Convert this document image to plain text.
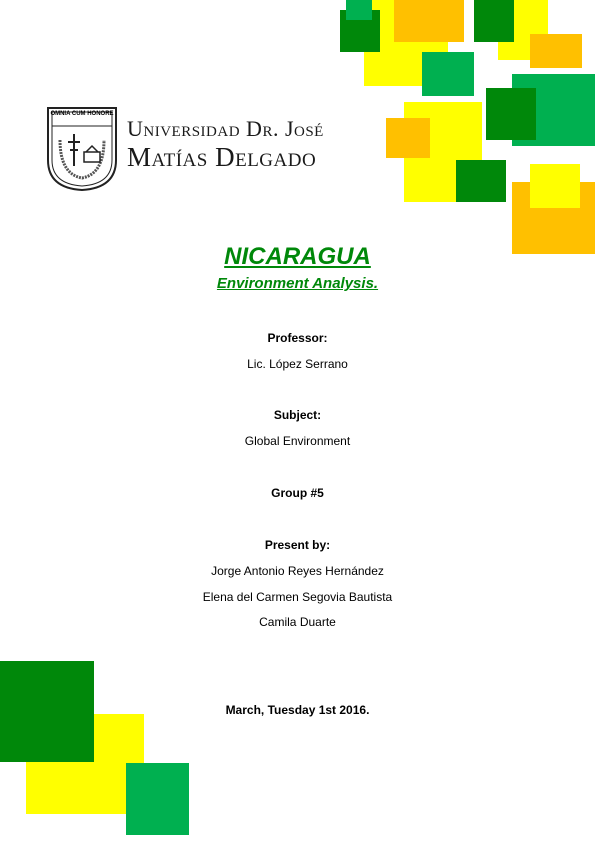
OMNIA CUM HONORE
Universidad Dr. José
Matías Delgado
NICARAGUA
Environment Analysis.
Professor:
Lic. López Serrano
Subject:
Global Environment
Group #5
Present by:
Jorge Antonio Reyes Hernández
Elena del Carmen Segovia Bautista
Camila Duarte
March, Tuesday 1st 2016.
